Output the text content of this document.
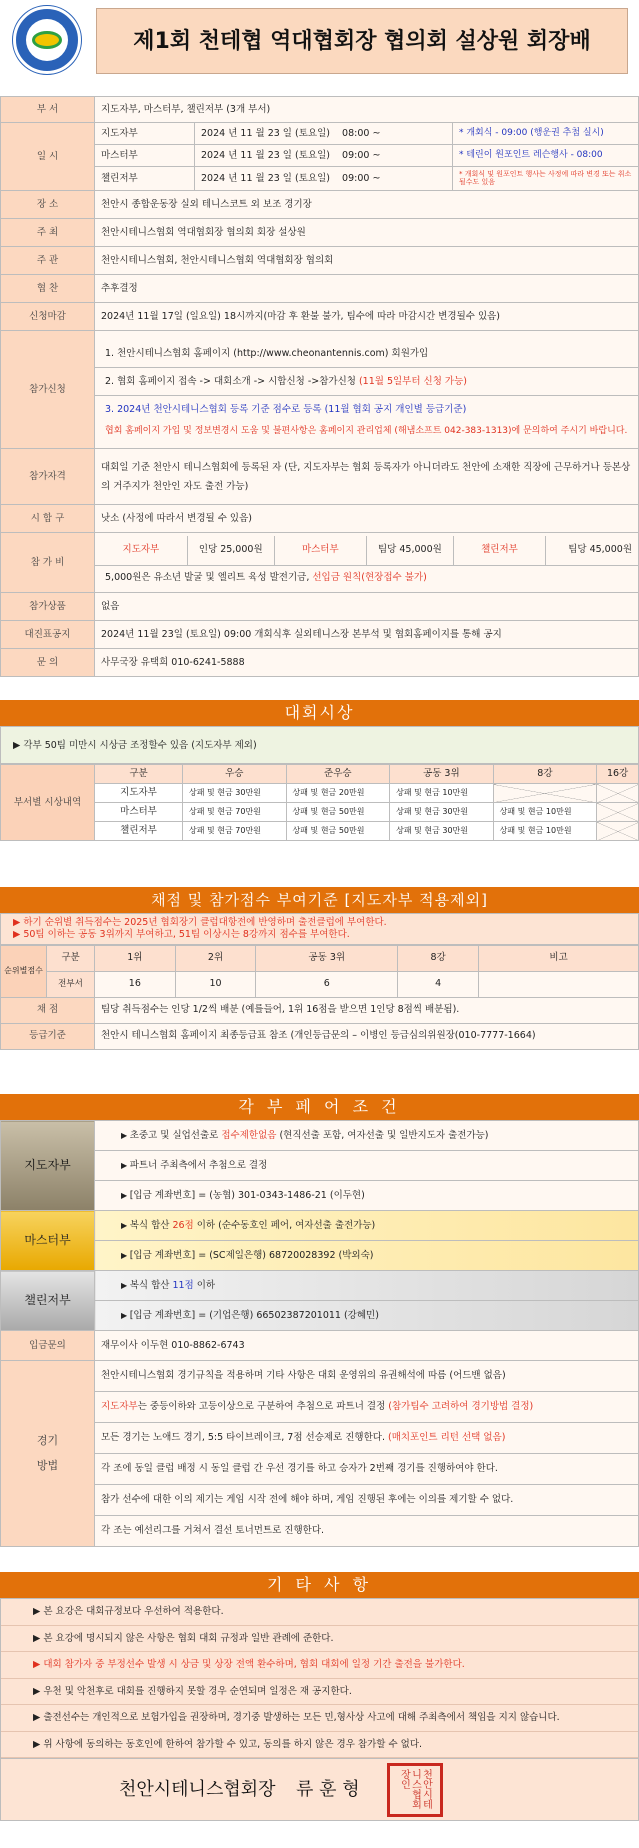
제1회 천테협 역대협회장 협의회 설상원 회장배
부 서	지도자부, 마스터부, 챌린저부 (3개 부서)
일 시	지도자부	2024 년 11 월 23 일 (토요일) 08:00 ~	* 개회식 - 09:00 (행운권 추첨 실시)
마스터부	2024 년 11 월 23 일 (토요일) 09:00 ~	* 테린이 원포인트 레슨행사 - 08:00
챌린저부	2024 년 11 월 23 일 (토요일) 09:00 ~	* 개회식 및 원포인트 행사는 사정에 따라 변경 또는 취소될수도 있음
장 소	천안시 종합운동장 실외 테니스코트 외 보조 경기장
주 최	천안시테니스협회 역대협회장 협의회 회장 설상원
주 관	천안시테니스협회, 천안시테니스협회 역대협회장 협의회
협 찬	추후결정
신청마감	2024년 11월 17일 (일요일) 18시까지(마감 후 환불 불가, 팀수에 따라 마감시간 변경될수 있음)
참가신청	
1. 천안시테니스협회 홈페이지 (http://www.cheonantennis.com) 회원가입
2. 협회 홈페이지 접속 -> 대회소개 -> 시합신청 ->참가신청 (11월 5일부터 신청 가능)
3. 2024년 천안시테니스협회 등록 기준 점수로 등록 (11월 협회 공지 개인별 등급기준)
협회 홈페이지 가입 및 정보변경시 도움 및 불편사항은 홈페이지 관리업체 (해냄소프트 042-383-1313)에 문의하여 주시기 바랍니다.

참가자격	대회일 기준 천안시 테니스협회에 등록된 자 (단, 지도자부는 협회 등록자가 아니더라도 천안에 소재한 직장에 근무하거나 등본상의 거주지가 천안인 자도 출전 가능)
시 합 구	낫소 (사정에 따라서 변경될 수 있음)
참 가 비	
지도자부	인당 25,000원	마스터부	팀당 45,000원	챌린저부	팀당 45,000원
5,000원은 유소년 발굴 및 엘리트 육성 발전기금, 선입금 원칙(현장접수 불가)

참가상품	없음
대진표공지	2024년 11월 23일 (토요일) 09:00 개회식후 실외테니스장 본부석 및 협회홈페이지를 통해 공지
문 의	사무국장 유택희 010-6241-5888
대회시상
▶ 각부 50팀 미만시 시상금 조정할수 있음 (지도자부 제외)
부서별 시상내역	구분	우승	준우승	공동 3위	8강	16강
	지도자부	상패 및 현금 30만원	상패 및 현금 20만원	상패 및 현금 10만원		
	마스터부	상패 및 현금 70만원	상패 및 현금 50만원	상패 및 현금 30만원	상패 및 현금 10만원	
	챌린저부	상패 및 현금 70만원	상패 및 현금 50만원	상패 및 현금 30만원	상패 및 현금 10만원	
채점 및 참가점수 부여기준 [지도자부 적용제외]
▶ 하기 순위별 취득점수는 2025년 협회장기 클럽대항전에 반영하며 출전클럽에 부여한다.
▶ 50팀 이하는 공동 3위까지 부여하고, 51팀 이상시는 8강까지 점수를 부여한다.
순위별점수	구분	1위	2위	공동 3위	8강	비고
	전부서	16	10	6	4	
채 점		팀당 취득점수는 인당 1/2씩 배분 (예를들어, 1위 16점을 받으면 1인당 8점씩 배분됨).				
등급기준		천안시 테니스협회 홈페이지 최종등급표 참조 (개인등급문의 – 이병인 등급심의위원장(010-7777-1664)				
각 부 페 어 조 건
지도자부	▶ 초중고 및 실업선출로 접수제한없음 (현직선출 포함, 여자선출 및 일반지도자 출전가능)
	▶ 파트너 주최측에서 추첨으로 결정
	▶ [입금 계좌번호] = (농협) 301-0343-1486-21 (이두현)
마스터부	▶ 복식 합산 26점 이하 (순수동호인 페어, 여자선출 출전가능)
	▶ [입금 계좌번호] = (SC제일은행) 68720028392 (박외숙)
챌린저부	▶ 복식 합산 11점 이하
	▶ [입금 계좌번호] = (기업은행) 66502387201011 (강혜민)
입금문의	재무이사 이두현 010-8862-6743
경기
방법	천안시테니스협회 경기규칙을 적용하며 기타 사항은 대회 운영위의 유권해석에 따름 (어드밴 없음)
	지도자부는 중등이하와 고등이상으로 구분하여 추첨으로 파트너 결정 (참가팀수 고려하여 경기방법 결정)
	모든 경기는 노애드 경기, 5:5 타이브레이크, 7점 선승제로 진행한다. (매치포인트 리턴 선택 없음)
	각 조에 동일 클럽 배정 시 동일 클럽 간 우선 경기를 하고 승자가 2번째 경기를 진행하여야 한다.
	참가 선수에 대한 이의 제기는 게임 시작 전에 해야 하며, 게임 진행된 후에는 이의를 제기할 수 없다.
	각 조는 예선리그를 거쳐서 결선 토너먼트로 진행한다.
기 타 사 항
▶ 본 요강은 대회규정보다 우선하여 적용한다.
▶ 본 요강에 명시되지 않은 사항은 협회 대회 규정과 일반 관례에 준한다.
▶ 대회 참가자 중 부정선수 발생 시 상금 및 상장 전액 환수하며, 협회 대회에 일정 기간 출전을 불가한다.
▶ 우천 및 악천후로 대회를 진행하지 못할 경우 순연되며 일정은 재 공지한다.
▶ 출전선수는 개인적으로 보험가입을 권장하며, 경기중 발생하는 모든 민,형사상 사고에 대해 주최측에서 책임을 지지 않습니다.
▶ 위 사항에 동의하는 동호인에 한하여 참가할 수 있고, 동의를 하지 않은 경우 참가할 수 없다.
천안시테니스협회장 류 훈 형	천안시테니스협회장인
